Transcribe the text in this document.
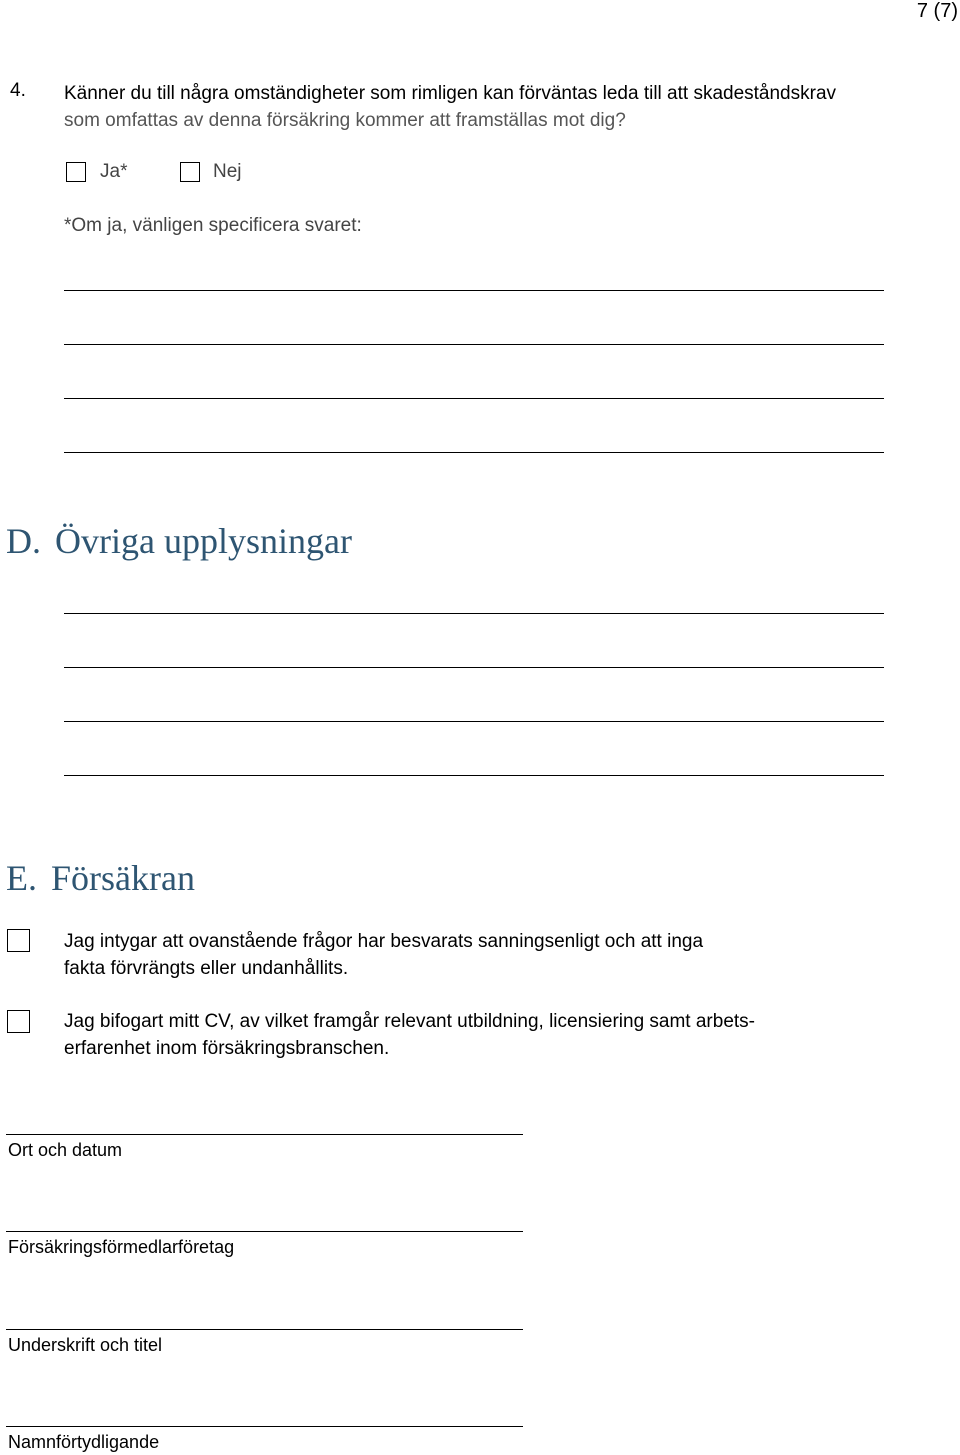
7 (7)
4. Känner du till några omständigheter som rimligen kan förväntas leda till att skadeståndskrav
som omfattas av denna försäkring kommer att framställas mot dig?
Ja*	Nej
*Om ja, vänligen specificera svaret:
D. Övriga upplysningar
E. Försäkran
Jag intygar att ovanstående frågor har besvarats sanningsenligt och att inga
fakta förvrängts eller undanhållits.
Jag bifogart mitt CV, av vilket framgår relevant utbildning, licensiering samt arbets-
erfarenhet inom försäkringsbranschen.
Ort och datum
Försäkringsförmedlarföretag
Underskrift och titel
Namnförtydligande
